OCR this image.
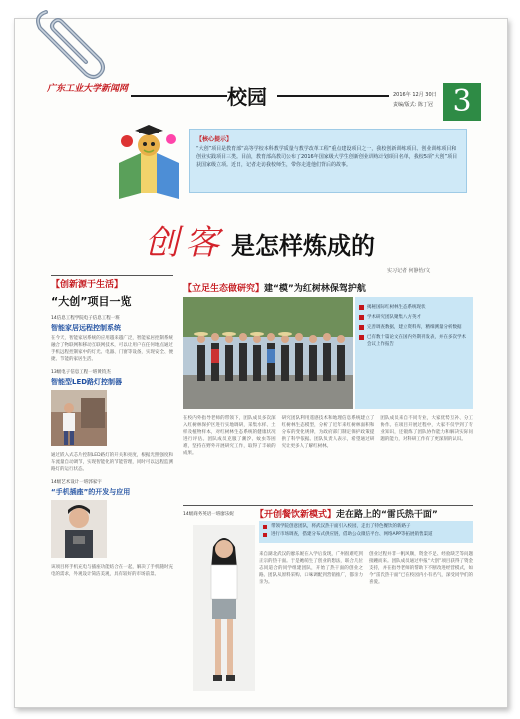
广东工业大学新闻网	校园	2016年 12月 30日
责编/版式: 陈丁冠 3
【核心提示】
“大创”项目是教育部“高等学校本科教学质量与教学改革工程”重点建设项目之一，我校创新训练项目、创业训练项目和创业实践项目三类。目前，教育部高教司公布了2016年国家级大学生创新创业训练计划项目名单，我校5项“大创”项目获国家级立项。近日，记者走访我校师生，带你走进他们背后的故事。
创客 是怎样炼成的
实习记者 何静怡/文
【创新源于生活】
“大创”项目一览
14信息工程学院电子信息工程一班
智能家居远程控制系统
在今天，智能家居系统的应用越来越广泛，智能家居控制系统融合了物联网和移动互联网技术，可以让用户在任何地点通过手机远程控制家中的灯光、电器、门窗等设备，实现安全、便捷、节能的家居生活。
13级电子信息工程一班黄钧杰
智能型LED路灯控制器
通过嵌入式芯片控制LED路灯的开关和亮度，根据光照强度和车流量自动调节，实现智能化的节能管理，同时可以远程监测路灯的运行状态。
14级艺术设计一班郭家宇
“手机插座”的开发与应用
该项目将手机充电与插座功能结合在一起，解决了手机随时充电的需求，外观设计简洁美观，具有较好的市场前景。
【立足生态做研究】建“模”为红树林保驾护航
揭秘国际红树林生态系统现状
学术研究团队聚集八方英才
完善调查数据，建立资料库，精细测量分析数据
已有数十篇论文在国内外期刊发表，并在多次学术会议上作报告
在校内外指导老师的带领下，团队成员多次深入红树林保护区进行实地调研，采集水样、土样及植物样本，对红树林生态系统的健康状况进行评估。团队成员克服了潮汐、蚊虫等困难，坚持在野外开展研究工作，取得了丰硕的成果。
研究团队利用遥感技术和地理信息系统建立了红树林生态模型，分析了近年来红树林面积和分布的变化规律，为政府部门制定保护政策提供了科学依据。团队负责人表示，希望通过研究让更多人了解红树林。
团队成员来自不同专业，大家优势互补、分工协作。在项目开展过程中，大家不仅学到了专业知识，还锻炼了团队协作能力和解决实际问题的能力，对科研工作有了更深刻的认识。
14级商务英语一班廖乐妮 【开创餐饮新模式】走在路上的“雷氏热干面”
带领学院创意团队，将武汉热干面引入校园，走出了特色餐饮的新路子
进行市场调查，搭建分布式供应链，借助公众微信平台、网络APP等拓展销售渠道
来自湖北武汉的廖乐妮在入学后发现，广州很难吃到正宗的热干面。于是她萌生了创业的想法，联合几位志同道合的同学组建团队，开始了热干面的创业之路。团队从原料采购、口味调配到营销推广，都亲力亲为。
创业过程并非一帆风顺，资金不足、经验缺乏等问题接踵而来。团队成员通过申报“大创”项目获得了资金支持，并在指导老师的帮助下不断改进经营模式，如今“雷氏热干面”已在校园内小有名气，深受同学们的喜爱。
